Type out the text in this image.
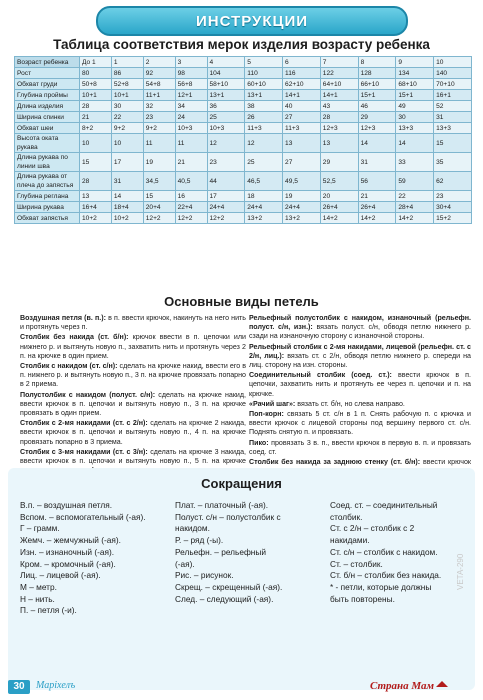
ИНСТРУКЦИИ
Таблица соответствия мерок изделия возрасту ребенка
Возраст ребенка	До 1	1	2	3	4	5	6	7	8	9	10
Рост	80	86	92	98	104	110	116	122	128	134	140
Обхват груди	50+8	52+8	54+8	56+8	58+10	60+10	62+10	64+10	66+10	68+10	70+10
Глубина проймы	10+1	10+1	11+1	12+1	13+1	13+1	14+1	14+1	15+1	15+1	16+1
Длина изделия	28	30	32	34	36	38	40	43	46	49	52
Ширина спинки	21	22	23	24	25	26	27	28	29	30	31
Обхват шеи	8+2	9+2	9+2	10+3	10+3	11+3	11+3	12+3	12+3	13+3	13+3
Высота оката рукава	10	10	11	11	12	12	13	13	14	14	15
Длина рукава по линии шва	15	17	19	21	23	25	27	29	31	33	35
Длина рукава от плеча до запястья	28	31	34,5	40,5	44	46,5	49,5	52,5	56	59	62
Глубина реглана	13	14	15	16	17	18	19	20	21	22	23
Ширина рукава	16+4	18+4	20+4	22+4	24+4	24+4	24+4	26+4	26+4	28+4	30+4
Обхват запястья	10+2	10+2	12+2	12+2	12+2	13+2	13+2	14+2	14+2	14+2	15+2
Основные виды петель

Воздушная петля (в. п.): в п. ввести крючок, накинуть на него нить и протянуть через п.

Столбик без накида (ст. б/н): крючок ввести в п. цепочки или нижнего р. и вытянуть новую п., захватить нить и протянуть через 2 п. на крючке в один прием.

Столбик с накидом (ст. с/н): сделать на крючке накид, ввести его в п. нижнего р. и вытянуть новую п., 3 п. на крючке провязать попарно в 2 приема.

Полустолбик с накидом (полуст. с/н): сделать на крючке накид, ввести крючок в п. цепочки и вытянуть новую п., 3 п. на крючке провязать в один прием.

Столбик с 2-мя накидами (ст. с 2/н): сделать на крючке 2 накида, ввести крючок в п. цепочки и вытянуть новую п., 4 п. на крючке провязать попарно в 3 приема.

Столбик с 3-мя накидами (ст. с 3/н): сделать на крючке 3 накида, ввести крючок в п. цепочки и вытянуть новую п., 5 п. на крючке

Рельефный полустолбик с накидом, изнаночный (рельефн. полуст. с/н, изн.): вязать полуст. с/н, обводя петлю нижнего р. сзади на изнаночную сторону с изнаночной стороны.

Рельефный столбик с 2-мя накидами, лицевой (рельефн. ст. с 2/н, лиц.): вязать ст. с 2/н, обводя петлю нижнего р. спереди на лиц. сторону на изн. стороны.

Соединительный столбик (соед. ст.): ввести крючок в п. цепочки, захватить нить и протянуть ее через п. цепочки и п. на крючке.

«Рачий шаг»: вязать ст. б/н, но слева направо.

Поп-корн: связать 5 ст. с/н в 1 п. Снять рабочую п. с крючка и ввести крючок с лицевой стороны под вершину первого ст. с/н. Поднять снятую п. и провязать.

Пико: провязать 3 в. п., ввести крючок в первую в. п. и провязать соед. ст.

Столбик без накида за заднюю стенку (ст. б/н): ввести крючок

Сокращения
В.п. – воздушная петля.
Вспом. – вспомогательный (-ая).
Г – грамм.
Жемч. – жемчужный (-ая).
Изн. – изнаночный (-ая).
Кром. – кромочный (-ая).
Лиц. – лицевой (-ая).
М – метр.
Н – нить.
П. – петля (-и).
Плат. – платочный (-ая).
Полуст. с/н – полустолбик с
накидом.
Р. – ряд (-ы).
Рельефн. – рельефный
(-ая).
Рис. – рисунок.
Скрещ. – скрещенный (-ая).
След. – следующий (-ая).
Соед. ст. – соединительный
столбик.
Ст. с 2/н – столбик с 2
накидами.
Ст. с/н – столбик с накидом.
Ст. – столбик.
Ст. б/н – столбик без накида.
* - петли, которые должны
быть повторены.
30	Марiхелъ
VETA-290
Страна Мам
